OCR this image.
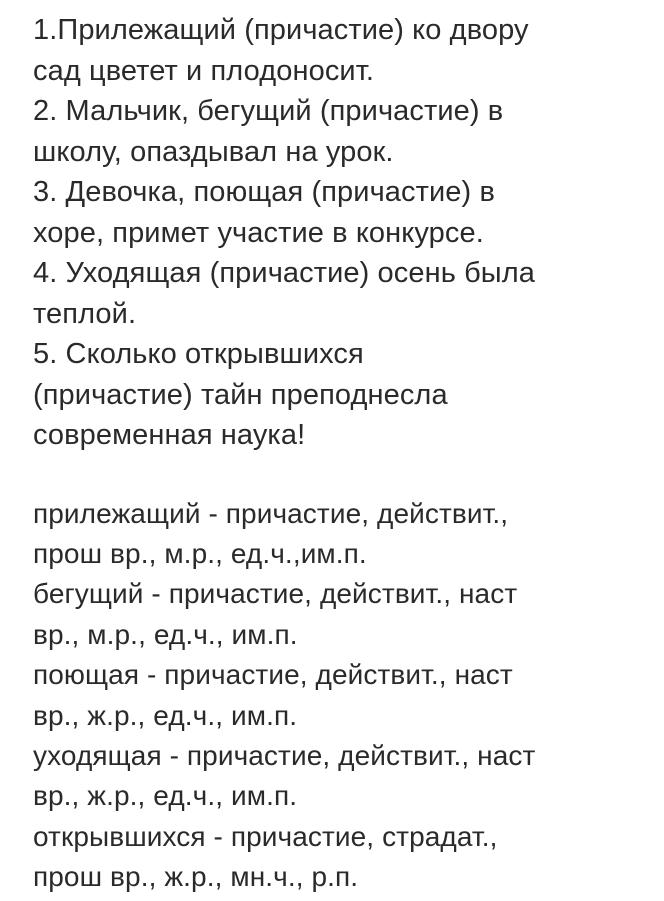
1.Прилежащий (причастие) ко двору
сад цветет и плодоносит.
2. Мальчик, бегущий (причастие) в
школу, опаздывал на урок.
3. Девочка, поющая (причастие) в
хоре, примет участие в конкурсе.
4. Уходящая (причастие) осень была
теплой.
5. Сколько открывшихся
(причастие) тайн преподнесла
современная наука!
прилежащий - причастие, действит.,
прош вр., м.р., ед.ч.,им.п.
бегущий - причастие, действит., наст
вр., м.р., ед.ч., им.п.
поющая - причастие, действит., наст
вр., ж.р., ед.ч., им.п.
уходящая - причастие, действит., наст
вр., ж.р., ед.ч., им.п.
открывшихся - причастие, страдат.,
прош вр., ж.р., мн.ч., р.п.
